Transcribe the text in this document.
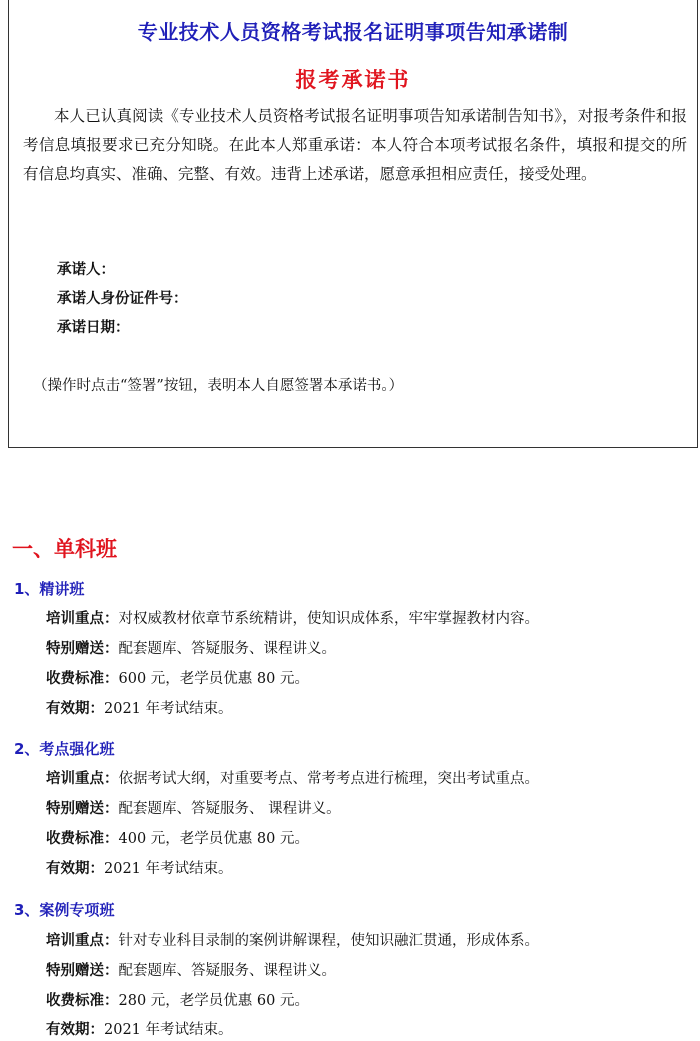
专业技术人员资格考试报名证明事项告知承诺制
报考承诺书

本人已认真阅读《专业技术人员资格考试报名证明事项告知承诺制告知书》，对报考条件和报考信息填报要求已充分知晓。在此本人郑重承诺：本人符合本项考试报名条件，填报和提交的所有信息均真实、准确、完整、有效。违背上述承诺，愿意承担相应责任，接受处理。

承诺人：
承诺人身份证件号：
承诺日期：
（操作时点击“签署”按钮，表明本人自愿签署本承诺书。）
一、单科班
1、精讲班
培训重点：对权威教材依章节系统精讲，使知识成体系，牢牢掌握教材内容。
特别赠送：配套题库、答疑服务、课程讲义。
收费标准：600 元，老学员优惠 80 元。
有效期：2021 年考试结束。
2、考点强化班
培训重点：依据考试大纲，对重要考点、常考考点进行梳理，突出考试重点。
特别赠送：配套题库、答疑服务、 课程讲义。
收费标准：400 元，老学员优惠 80 元。
有效期：2021 年考试结束。
3、案例专项班
培训重点：针对专业科目录制的案例讲解课程，使知识融汇贯通，形成体系。
特别赠送：配套题库、答疑服务、课程讲义。
收费标准：280 元，老学员优惠 60 元。
有效期：2021 年考试结束。
